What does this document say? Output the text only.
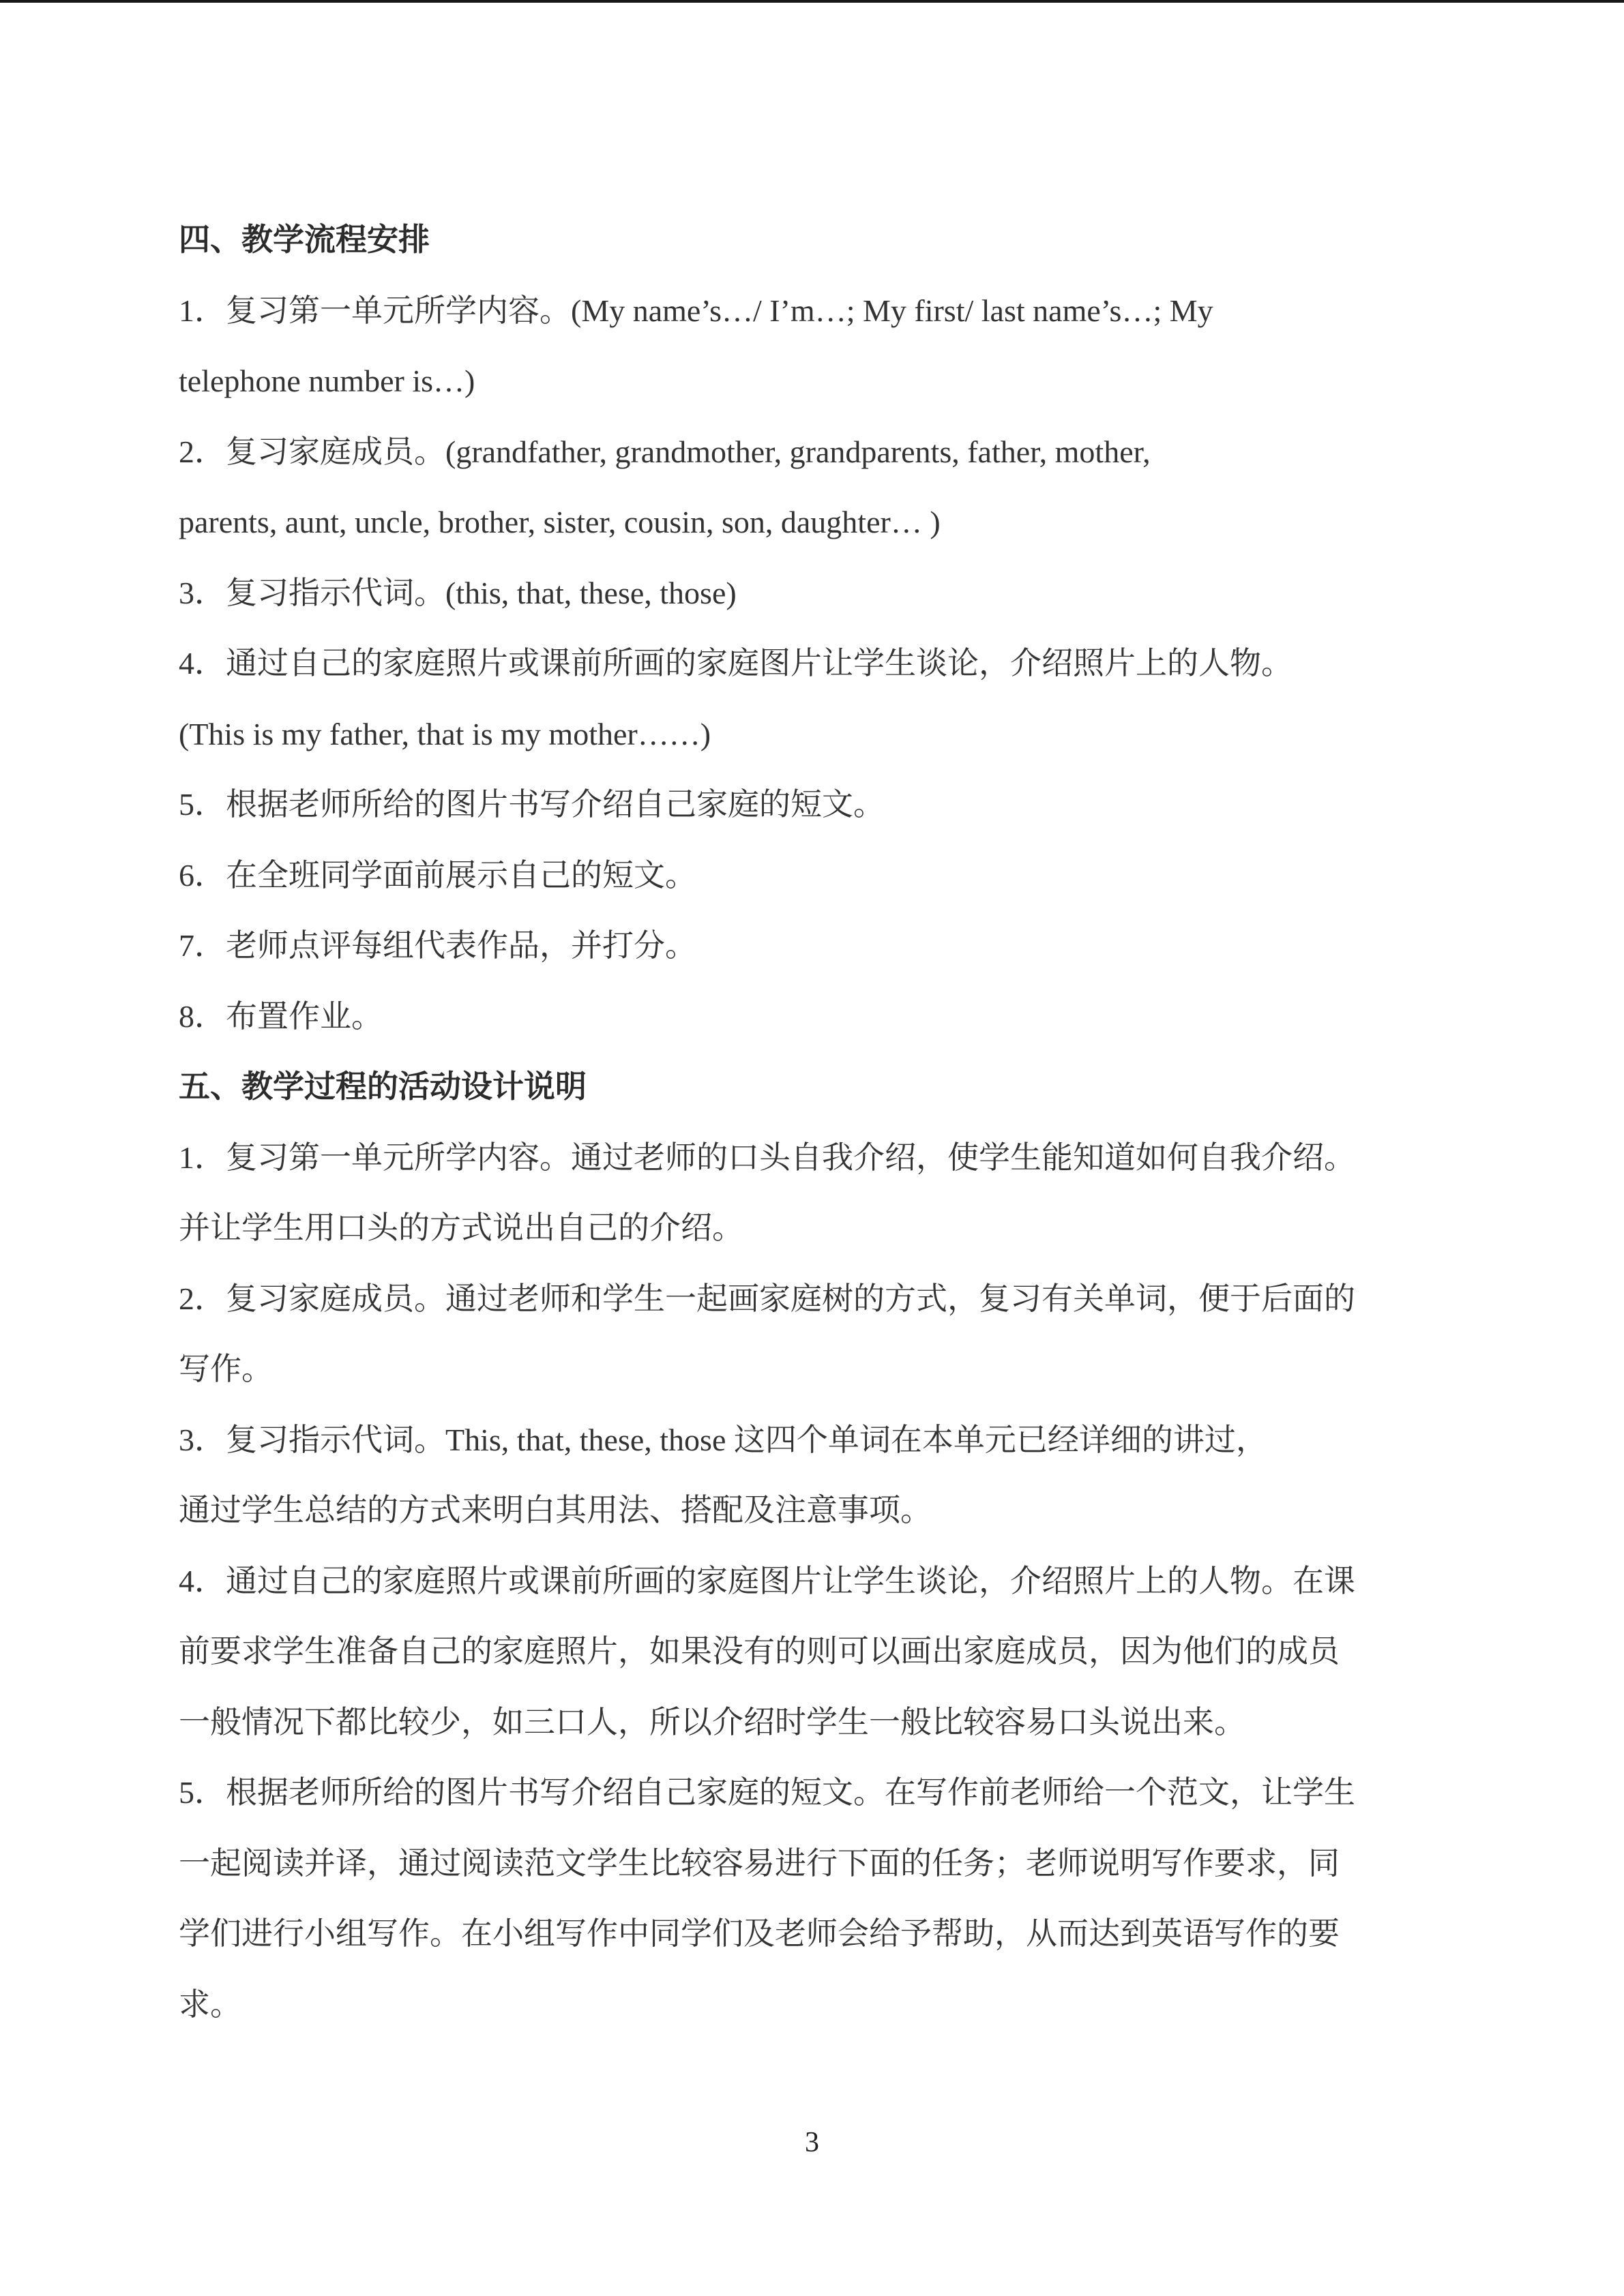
四、教学流程安排
1．复习第一单元所学内容。(My name’s…/ I’m…; My first/ last name’s…; My
telephone number is…)
2．复习家庭成员。(grandfather, grandmother, grandparents, father, mother,
parents, aunt, uncle, brother, sister, cousin, son, daughter… )
3．复习指示代词。(this, that, these, those)
4．通过自己的家庭照片或课前所画的家庭图片让学生谈论，介绍照片上的人物。
(This is my father, that is my mother……)
5．根据老师所给的图片书写介绍自己家庭的短文。
6．在全班同学面前展示自己的短文。
7．老师点评每组代表作品，并打分。
8．布置作业。
五、教学过程的活动设计说明
1．复习第一单元所学内容。通过老师的口头自我介绍，使学生能知道如何自我介绍。
并让学生用口头的方式说出自己的介绍。
2．复习家庭成员。通过老师和学生一起画家庭树的方式，复习有关单词，便于后面的
写作。
3．复习指示代词。This, that, these, those 这四个单词在本单元已经详细的讲过，
通过学生总结的方式来明白其用法、搭配及注意事项。
4．通过自己的家庭照片或课前所画的家庭图片让学生谈论，介绍照片上的人物。在课
前要求学生准备自己的家庭照片，如果没有的则可以画出家庭成员，因为他们的成员
一般情况下都比较少，如三口人，所以介绍时学生一般比较容易口头说出来。
5．根据老师所给的图片书写介绍自己家庭的短文。在写作前老师给一个范文，让学生
一起阅读并译，通过阅读范文学生比较容易进行下面的任务；老师说明写作要求，同
学们进行小组写作。在小组写作中同学们及老师会给予帮助，从而达到英语写作的要
求。
3
